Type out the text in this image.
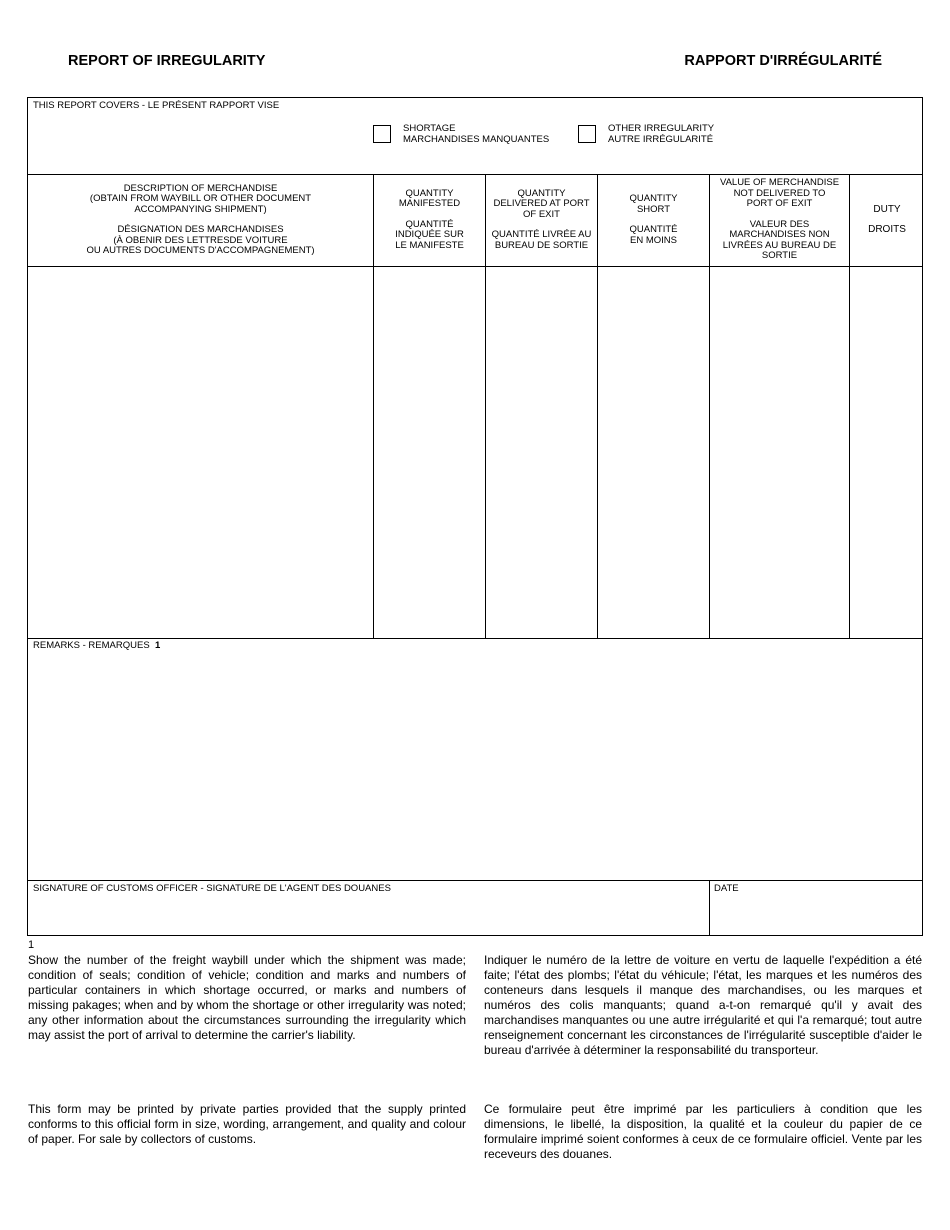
REPORT OF IRREGULARITY	RAPPORT D'IRRÉGULARITÉ
THIS REPORT COVERS - LE PRÉSENT RAPPORT VISE
SHORTAGE
MARCHANDISES MANQUANTES
OTHER IRREGULARITY
AUTRE IRRÉGULARITÉ
DESCRIPTION OF MERCHANDISE
(OBTAIN FROM WAYBILL OR OTHER DOCUMENT
ACCOMPANYING SHIPMENT)
DÉSIGNATION DES MARCHANDISES
(À OBENIR DES LETTRESDE VOITURE
OU AUTRES DOCUMENTS D'ACCOMPAGNEMENT)
QUANTITY
MANIFESTED
QUANTITÉ
INDIQUÉE SUR
LE MANIFESTE
QUANTITY
DELIVERED AT PORT
OF EXIT
QUANTITÉ LIVRÉE AU
BUREAU DE SORTIE
QUANTITY
SHORT
QUANTITÉ
EN MOINS
VALUE OF MERCHANDISE
NOT DELIVERED TO
PORT OF EXIT
VALEUR DES
MARCHANDISES NON
LIVRÉES AU BUREAU DE
SORTIE
DUTY
DROITS
REMARKS - REMARQUES 1
SIGNATURE OF CUSTOMS OFFICER - SIGNATURE DE L'AGENT DES DOUANES	DATE
1
Show the number of the freight waybill under which the shipment was made; condition of seals; condition of vehicle; condition and marks and numbers of particular containers in which shortage occurred, or marks and numbers of missing pakages; when and by whom the shortage or other irregularity was noted; any other information about the circumstances surrounding the irregularity which may assist the port of arrival to determine the carrier's liability.
Indiquer le numéro de la lettre de voiture en vertu de laquelle l'expédition a été faite; l'état des plombs; l'état du véhicule; l'état, les marques et les numéros des conteneurs dans lesquels il manque des marchandises, ou les marques et numéros des colis manquants; quand a-t-on remarqué qu'il y avait des marchandises manquantes ou une autre irrégularité et qui l'a remarqué; tout autre renseignement concernant les circonstances de l'irrégularité susceptible d'aider le bureau d'arrivée à déterminer la responsabilité du transporteur.
This form may be printed by private parties provided that the supply printed conforms to this official form in size, wording, arrangement, and quality and colour of paper. For sale by collectors of customs.
Ce formulaire peut être imprimé par les particuliers à condition que les dimensions, le libellé, la disposition, la qualité et la couleur du papier de ce formulaire imprimé soient conformes à ceux de ce formulaire officiel. Vente par les receveurs des douanes.
